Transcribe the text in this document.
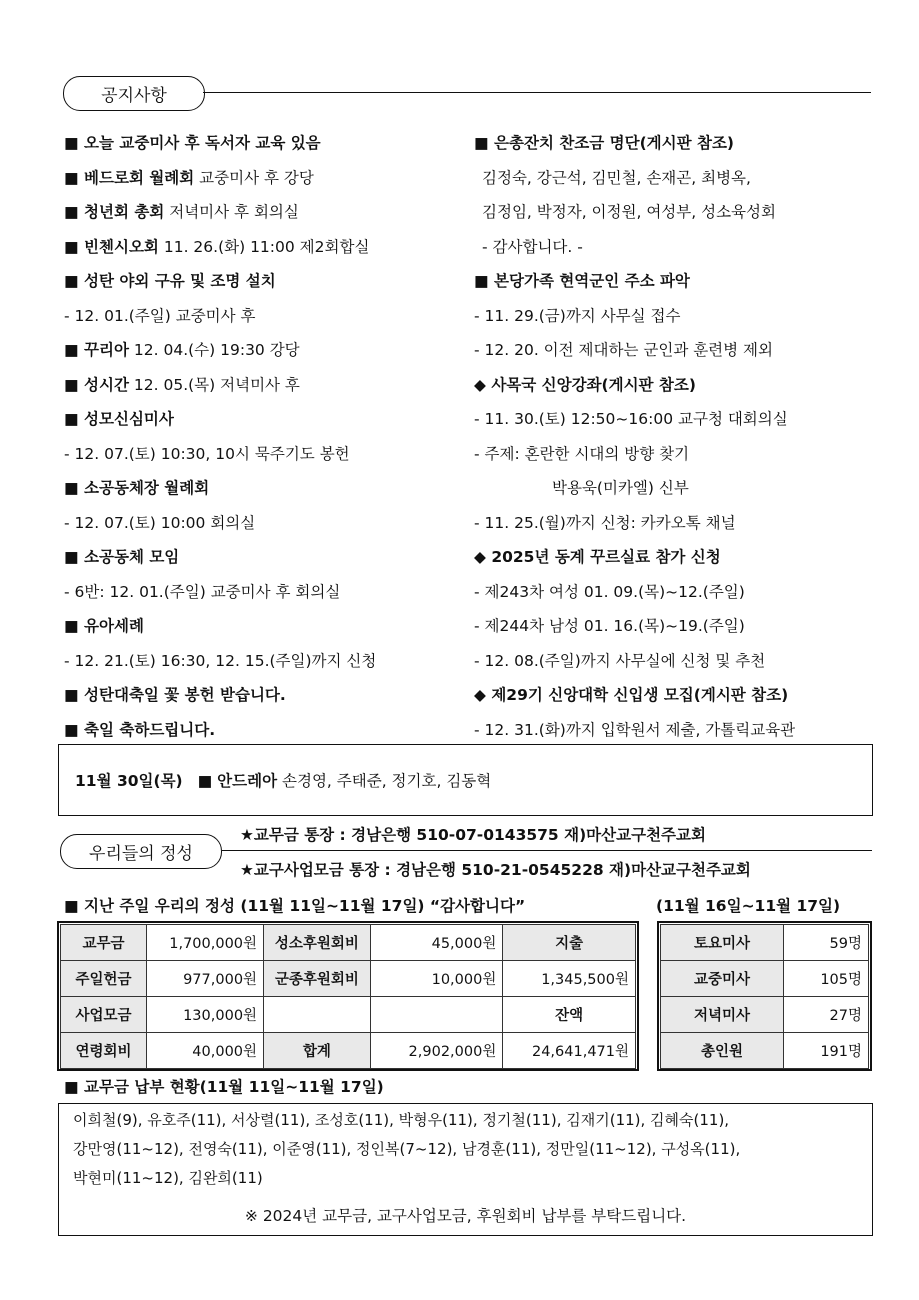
공지사항
■ 오늘 교중미사 후 독서자 교육 있음
■ 베드로회 월례회 교중미사 후 강당
■ 청년회 총회 저녁미사 후 회의실
■ 빈첸시오회 11. 26.(화) 11:00 제2회합실
■ 성탄 야외 구유 및 조명 설치
- 12. 01.(주일) 교중미사 후
■ 꾸리아 12. 04.(수) 19:30 강당
■ 성시간 12. 05.(목) 저녁미사 후
■ 성모신심미사
- 12. 07.(토) 10:30, 10시 묵주기도 봉헌
■ 소공동체장 월례회
- 12. 07.(토) 10:00 회의실
■ 소공동체 모임
- 6반: 12. 01.(주일) 교중미사 후 회의실
■ 유아세례
- 12. 21.(토) 16:30, 12. 15.(주일)까지 신청
■ 성탄대축일 꽃 봉헌 받습니다.
■ 축일 축하드립니다.
■ 은총잔치 찬조금 명단(게시판 참조)
김정숙, 강근석, 김민철, 손재곤, 최병옥,
김정임, 박정자, 이정원, 여성부, 성소육성회
- 감사합니다. -
■ 본당가족 현역군인 주소 파악
- 11. 29.(금)까지 사무실 접수
- 12. 20. 이전 제대하는 군인과 훈련병 제외
◆ 사목국 신앙강좌(게시판 참조)
- 11. 30.(토) 12:50~16:00 교구청 대회의실
- 주제: 혼란한 시대의 방향 찾기
박용욱(미카엘) 신부
- 11. 25.(월)까지 신청: 카카오톡 채널
◆ 2025년 동계 꾸르실료 참가 신청
- 제243차 여성 01. 09.(목)~12.(주일)
- 제244차 남성 01. 16.(목)~19.(주일)
- 12. 08.(주일)까지 사무실에 신청 및 추천
◆ 제29기 신앙대학 신입생 모집(게시판 참조)
- 12. 31.(화)까지 입학원서 제출, 가톨릭교육관
11월 30일(목) ■ 안드레아 손경영, 주태준, 정기호, 김동혁
우리들의 정성
★교무금 통장 : 경남은행 510-07-0143575 재)마산교구천주교회
★교구사업모금 통장 : 경남은행 510-21-0545228 재)마산교구천주교회
■ 지난 주일 우리의 정성 (11월 11일~11월 17일) “감사합니다”	(11월 16일~11월 17일)
교무금	1,700,000원	성소후원회비	45,000원	지출
주일헌금	977,000원	군종후원회비	10,000원	1,345,500원
사업모금	130,000원			잔액
연령회비	40,000원	합계	2,902,000원	24,641,471원
토요미사	59명
교중미사	105명
저녁미사	27명
총인원	191명
■ 교무금 납부 현황(11월 11일~11월 17일)
이희철(9), 유호주(11), 서상렬(11), 조성호(11), 박형우(11), 정기철(11), 김재기(11), 김혜숙(11),
강만영(11~12), 전영숙(11), 이준영(11), 정인복(7~12), 남경훈(11), 정만일(11~12), 구성옥(11),
박현미(11~12), 김완희(11)
※ 2024년 교무금, 교구사업모금, 후원회비 납부를 부탁드립니다.
